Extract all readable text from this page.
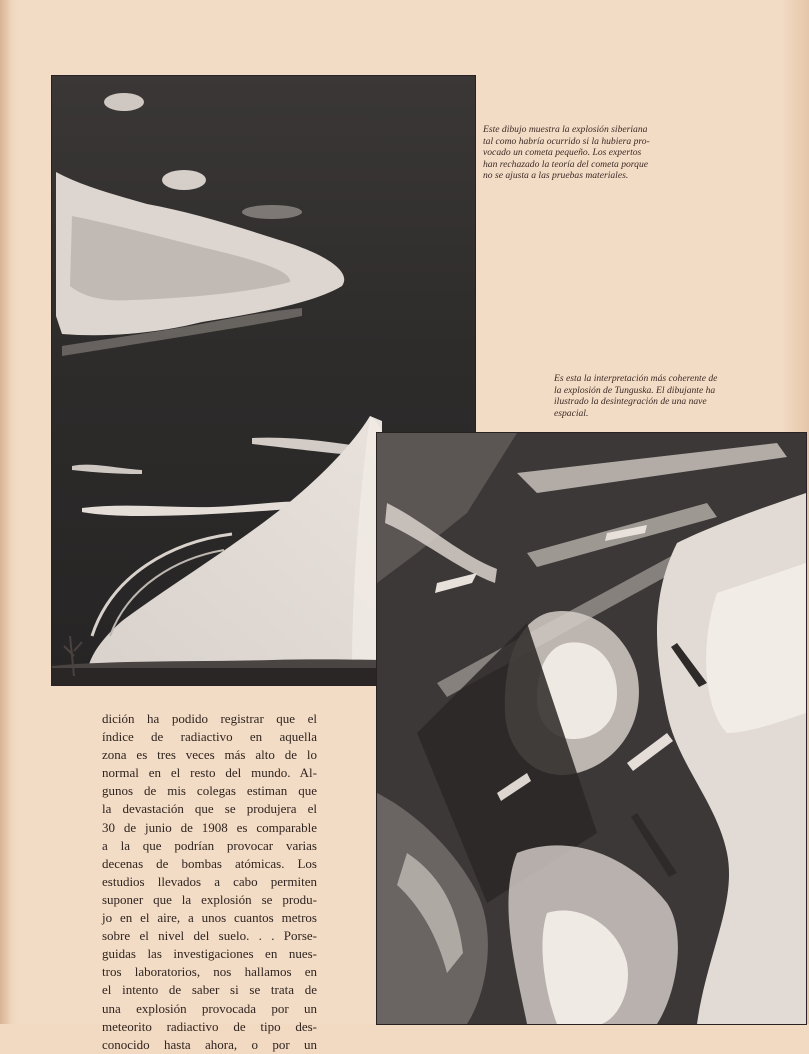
Este dibujo muestra la explosión siberiana
tal como habría ocurrido si la hubiera pro-
vocado un cometa pequeño. Los expertos
han rechazado la teoría del cometa porque
no se ajusta a las pruebas materiales.
Es esta la interpretación más coherente de
la explosión de Tunguska. El dibujante ha
ilustrado la desintegración de una nave
espacial.
dición ha podido registrar que el
índice de radiactivo en aquella
zona es tres veces más alto de lo
normal en el resto del mundo. Al-
gunos de mis colegas estiman que
la devastación que se produjera el
30 de junio de 1908 es comparable
a la que podrían provocar varias
decenas de bombas atómicas. Los
estudios llevados a cabo permiten
suponer que la explosión se produ-
jo en el aire, a unos cuantos metros
sobre el nivel del suelo. . . Porse-
guidas las investigaciones en nues-
tros laboratorios, nos hallamos en
el intento de saber si se trata de
una explosión provocada por un
meteorito radiactivo de tipo des-
conocido hasta ahora, o por un
